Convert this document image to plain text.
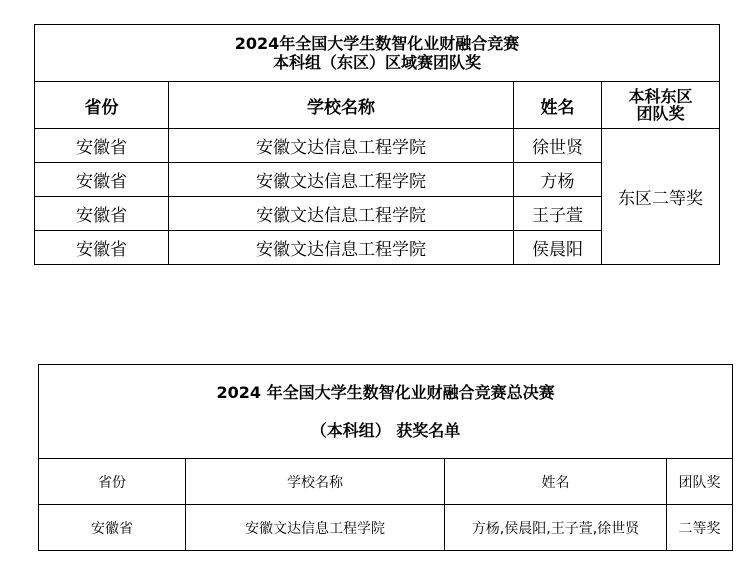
2024年全国大学生数智化业财融合竞赛
本科组（东区）区域赛团队奖			

省份	学校名称	姓名	本科东区
团队奖

安徽省	安徽文达信息工程学院	徐世贤	东区二等奖
安徽省	安徽文达信息工程学院	方杨	
安徽省	安徽文达信息工程学院	王子萱	
安徽省	安徽文达信息工程学院	侯晨阳	
2024 年全国大学生数智化业财融合竞赛总决赛
（本科组） 获奖名单			

省份	学校名称	姓名	团队奖
安徽省	安徽文达信息工程学院	方杨,侯晨阳,王子萱,徐世贤	二等奖
